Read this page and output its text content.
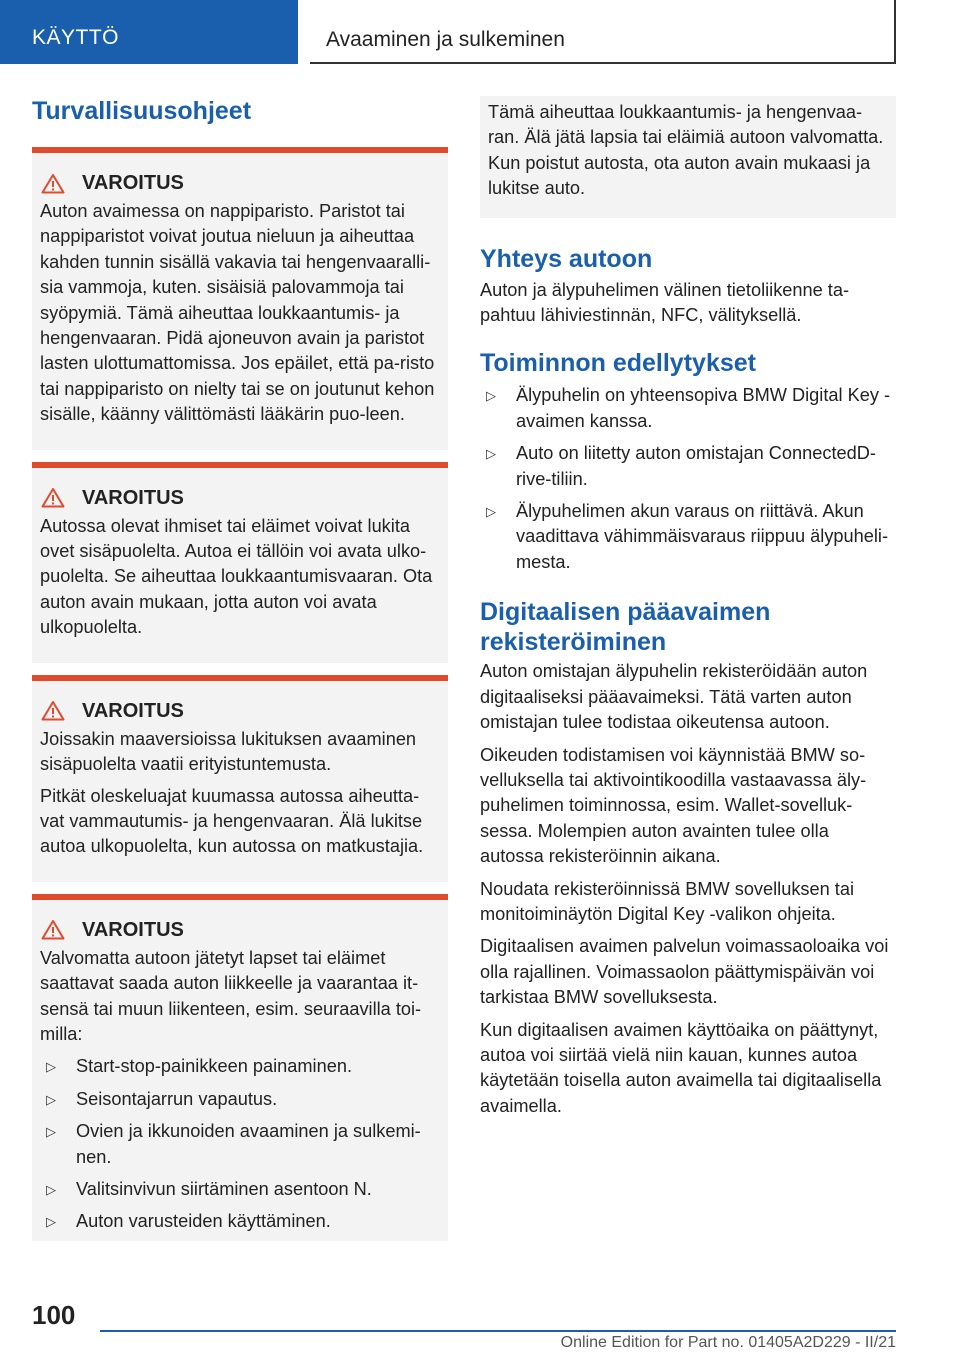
KÄYTTÖ	Avaaminen ja sulkeminen
Turvallisuusohjeet
VAROITUS

Auton avaimessa on nappiparisto. Paristot tai nappiparistot voivat joutua nieluun ja aiheuttaa kahden tunnin sisällä vakavia tai hengenvaaralli-sia vammoja, kuten. sisäisiä palovammoja tai syöpymiä. Tämä aiheuttaa loukkaantumis- ja hengenvaaran. Pidä ajoneuvon avain ja paristot lasten ulottumattomissa. Jos epäilet, että pa-risto tai nappiparisto on nielty tai se on joutunut kehon sisälle, käänny välittömästi lääkärin puo-leen.

VAROITUS

Autossa olevat ihmiset tai eläimet voivat lukita ovet sisäpuolelta. Autoa ei tällöin voi avata ulko-puolelta. Se aiheuttaa loukkaantumisvaaran. Ota auton avain mukaan, jotta auton voi avata ulkopuolelta.

VAROITUS

Joissakin maaversioissa lukituksen avaaminen sisäpuolelta vaatii erityistuntemusta.

Pitkät oleskeluajat kuumassa autossa aiheutta-vat vammautumis- ja hengenvaaran. Älä lukitse autoa ulkopuolelta, kun autossa on matkustajia.

VAROITUS

Valvomatta autoon jätetyt lapset tai eläimet saattavat saada auton liikkeelle ja vaarantaa it-sensä tai muun liikenteen, esim. seuraavilla toi-milla:

▷ Start-stop-painikkeen painaminen.
▷ Seisontajarrun vapautus.
▷ Ovien ja ikkunoiden avaaminen ja sulkemi-nen.
▷ Valitsinvivun siirtäminen asentoon N.
▷ Auton varusteiden käyttäminen.

Tämä aiheuttaa loukkaantumis- ja hengenvaa-ran. Älä jätä lapsia tai eläimiä autoon valvomatta. Kun poistut autosta, ota auton avain mukaasi ja lukitse auto.

Yhteys autoon

Auton ja älypuhelimen välinen tietoliikenne ta-pahtuu lähiviestinnän, NFC, välityksellä.

Toiminnon edellytykset
▷ Älypuhelin on yhteensopiva BMW Digital Key -avaimen kanssa.
▷ Auto on liitetty auton omistajan ConnectedD-rive-tiliin.
▷ Älypuhelimen akun varaus on riittävä. Akun vaadittava vähimmäisvaraus riippuu älypuheli-mesta.
Digitaalisen pääavaimen rekisteröiminen

Auton omistajan älypuhelin rekisteröidään auton digitaaliseksi pääavaimeksi. Tätä varten auton omistajan tulee todistaa oikeutensa autoon.

Oikeuden todistamisen voi käynnistää BMW so-velluksella tai aktivointikoodilla vastaavassa äly-puhelimen toiminnossa, esim. Wallet-sovelluk-sessa. Molempien auton avainten tulee olla autossa rekisteröinnin aikana.

Noudata rekisteröinnissä BMW sovelluksen tai monitoiminäytön Digital Key -valikon ohjeita.

Digitaalisen avaimen palvelun voimassaoloaika voi olla rajallinen. Voimassaolon päättymispäivän voi tarkistaa BMW sovelluksesta.

Kun digitaalisen avaimen käyttöaika on päättynyt, autoa voi siirtää vielä niin kauan, kunnes autoa käytetään toisella auton avaimella tai digitaalisella avaimella.

100
Online Edition for Part no. 01405A2D229 - II/21
